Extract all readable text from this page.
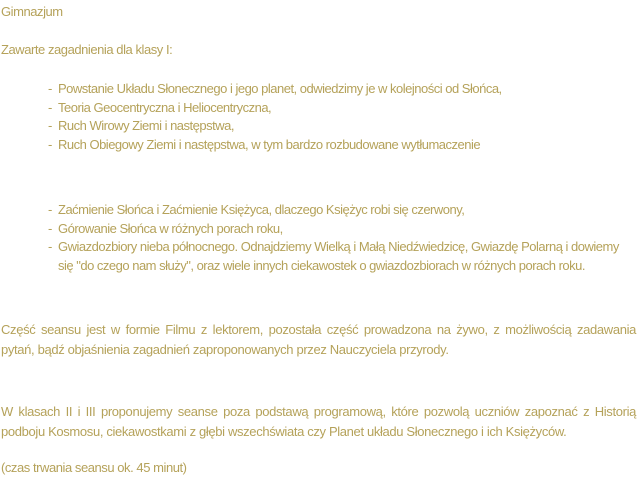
Gimnazjum
Zawarte zagadnienia dla klasy I:
- Powstanie Układu Słonecznego i jego planet, odwiedzimy je w kolejności od Słońca,
- Teoria Geocentryczna i Heliocentryczna,
- Ruch Wirowy Ziemi i następstwa,
- Ruch Obiegowy Ziemi i następstwa, w tym bardzo rozbudowane wytłumaczenie
- Zaćmienie Słońca i Zaćmienie Księżyca, dlaczego Księżyc robi się czerwony,
- Górowanie Słońca w różnych porach roku,
- Gwiazdozbiory nieba północnego. Odnajdziemy Wielką i Małą Niedźwiedzicę, Gwiazdę Polarną i dowiemy się "do czego nam służy", oraz wiele innych ciekawostek o gwiazdozbiorach w różnych porach roku.
Część seansu jest w formie Filmu z lektorem, pozostała część prowadzona na żywo, z możliwością zadawania pytań, bądź objaśnienia zagadnień zaproponowanych przez Nauczyciela przyrody.
W klasach II i III proponujemy seanse poza podstawą programową, które pozwolą uczniów zapoznać z Historią podboju Kosmosu, ciekawostkami z głębi wszechświata czy Planet układu Słonecznego i ich Księżyców.
(czas trwania seansu ok. 45 minut)
